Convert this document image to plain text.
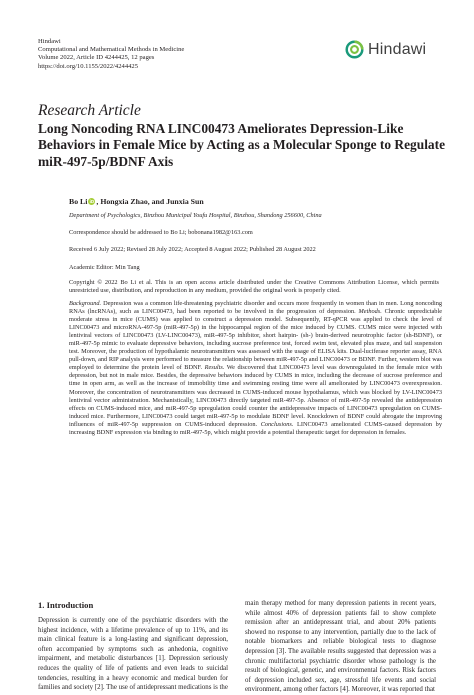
Hindawi
Computational and Mathematical Methods in Medicine
Volume 2022, Article ID 4244425, 12 pages
https://doi.org/10.1155/2022/4244425
Hindawi
Research Article
Long Noncoding RNA LINC00473 Ameliorates Depression-Like Behaviors in Female Mice by Acting as a Molecular Sponge to Regulate miR-497-5p/BDNF Axis
Bo Li iD , Hongxia Zhao, and Junxia Sun
Department of Psychologics, Binzhou Municipal Youfu Hospital, Binzhou, Shandong 256600, China
Correspondence should be addressed to Bo Li; bobonana1982@163.com
Received 6 July 2022; Revised 28 July 2022; Accepted 8 August 2022; Published 28 August 2022
Academic Editor: Min Tang
Copyright © 2022 Bo Li et al. This is an open access article distributed under the Creative Commons Attribution License, which permits unrestricted use, distribution, and reproduction in any medium, provided the original work is properly cited.
Background. Depression was a common life-threatening psychiatric disorder and occurs more frequently in women than in men. Long noncoding RNAs (lncRNAs), such as LINC00473, had been reported to be involved in the progression of depression. Methods. Chronic unpredictable moderate stress in mice (CUMS) was applied to construct a depression model. Subsequently, RT-qPCR was applied to check the level of LINC00473 and microRNA-497-5p (miR-497-5p) in the hippocampal region of the mice induced by CUMS. CUMS mice were injected with lentiviral vectors of LINC00473 (LV-LINC00473), miR-497-5p inhibitor, short hairpin- (sh-) brain-derived neurotrophic factor (sh-BDNF), or miR-497-5p mimic to evaluate depressive behaviors, including sucrose preference test, forced swim test, elevated plus maze, and tail suspension test. Moreover, the production of hypothalamic neurotransmitters was assessed with the usage of ELISA kits. Dual-luciferase reporter assay, RNA pull-down, and RIP analysis were performed to measure the relationship between miR-497-5p and LINC00473 or BDNF. Further, western blot was employed to determine the protein level of BDNF. Results. We discovered that LINC00473 level was downregulated in the female mice with depression, but not in male mice. Besides, the depressive behaviors induced by CUMS in mice, including the decrease of sucrose preference and time in open arm, as well as the increase of immobility time and swimming resting time were all ameliorated by LINC00473 overexpression. Moreover, the concentration of neurotransmitters was decreased in CUMS-induced mouse hypothalamus, which was blocked by LV-LINC00473 lentiviral vector administration. Mechanistically, LINC00473 directly targeted miR-497-5p. Absence of miR-497-5p revealed the antidepression effects on CUMS-induced mice, and miR-497-5p upregulation could counter the antidepressive impacts of LINC00473 upregulation on CUMS-induced mice. Furthermore, LINC00473 could target miR-497-5p to modulate BDNF level. Knockdown of BDNF could abrogate the improving influences of miR-497-5p suppression on CUMS-induced depression. Conclusions. LINC00473 ameliorated CUMS-caused depression by increasing BDNF expression via binding to miR-497-5p, which might provide a potential therapeutic target for depression in females.
1. Introduction
Depression is currently one of the psychiatric disorders with the highest incidence, with a lifetime prevalence of up to 11%, and its main clinical feature is a long-lasting and significant depression, often accompanied by symptoms such as anhedonia, cognitive impairment, and metabolic disturbances [1]. Depression seriously reduces the quality of life of patients and even leads to suicidal tendencies, resulting in a heavy economic and medical burden for families and society [2]. The use of antidepressant medications is the
main therapy method for many depression patients in recent years, while almost 40% of depression patients fail to show complete remission after an antidepressant trial, and about 20% patients showed no response to any intervention, partially due to the lack of notable biomarkers and reliable biological tests to diagnose depression [3]. The available results suggested that depression was a chronic multifactorial psychiatric disorder whose pathology is the result of biological, genetic, and environmental factors. Risk factors of depression included sex, age, stressful life events and social environment, among other factors [4]. Moreover, it was reported that
